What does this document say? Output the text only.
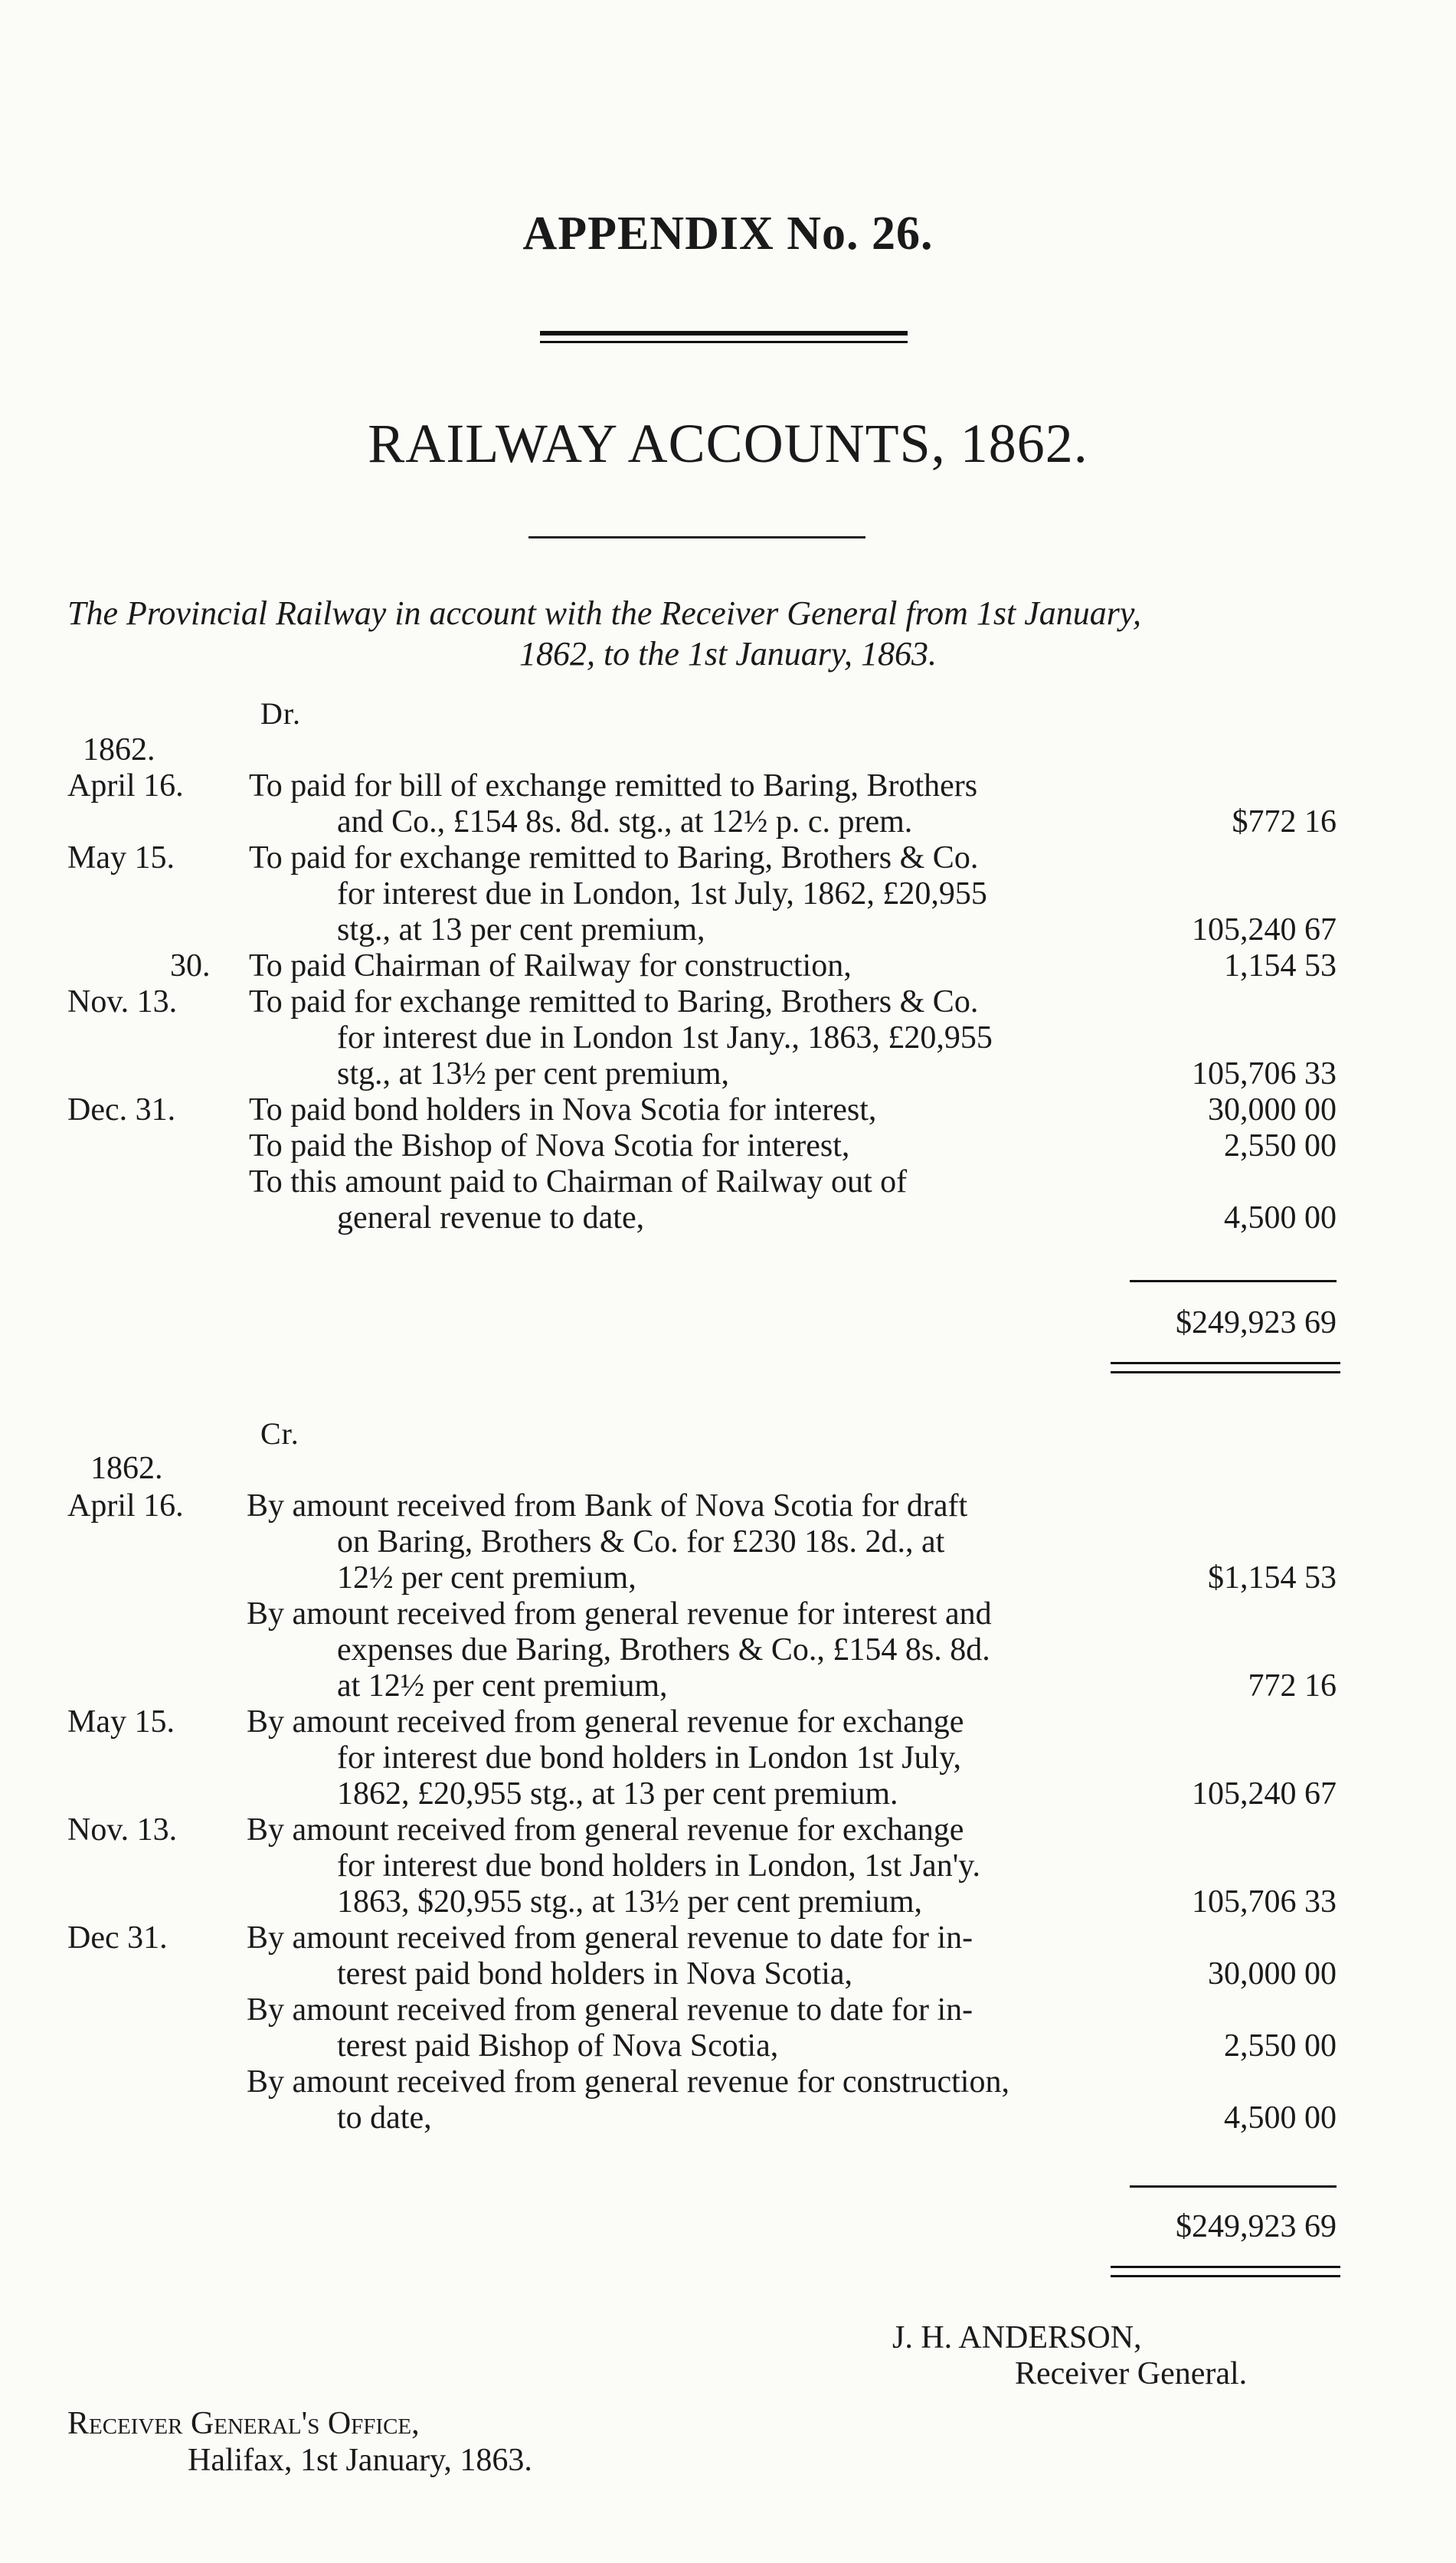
APPENDIX No. 26.
RAILWAY ACCOUNTS, 1862.
The Provincial Railway in account with the Receiver General from 1st January,
1862, to the 1st January, 1863.
Dr.
1862.
April 16. To paid for bill of exchange remitted to Baring, Brothers
and Co., £154 8s. 8d. stg., at 12½ p. c. prem.	$772 16
May 15. To paid for exchange remitted to Baring, Brothers & Co.
for interest due in London, 1st July, 1862, £20,955
stg., at 13 per cent premium,	105,240 67
30. To paid Chairman of Railway for construction,	1,154 53
Nov. 13. To paid for exchange remitted to Baring, Brothers & Co.
for interest due in London 1st Jany., 1863, £20,955
stg., at 13½ per cent premium,	105,706 33
Dec. 31. To paid bond holders in Nova Scotia for interest,	30,000 00
To paid the Bishop of Nova Scotia for interest,	2,550 00
To this amount paid to Chairman of Railway out of
general revenue to date,	4,500 00
$249,923 69
Cr.
1862.
April 16. By amount received from Bank of Nova Scotia for draft
on Baring, Brothers & Co. for £230 18s. 2d., at
12½ per cent premium,	$1,154 53
By amount received from general revenue for interest and
expenses due Baring, Brothers & Co., £154 8s. 8d.
at 12½ per cent premium,	772 16
May 15. By amount received from general revenue for exchange
for interest due bond holders in London 1st July,
1862, £20,955 stg., at 13 per cent premium.	105,240 67
Nov. 13. By amount received from general revenue for exchange
for interest due bond holders in London, 1st Jan'y.
1863, $20,955 stg., at 13½ per cent premium,	105,706 33
Dec 31. By amount received from general revenue to date for in-
terest paid bond holders in Nova Scotia,	30,000 00
By amount received from general revenue to date for in-
terest paid Bishop of Nova Scotia,	2,550 00
By amount received from general revenue for construction,
to date,	4,500 00
$249,923 69
J. H. ANDERSON,
Receiver General.
Receiver General's Office,
Halifax, 1st January, 1863.
